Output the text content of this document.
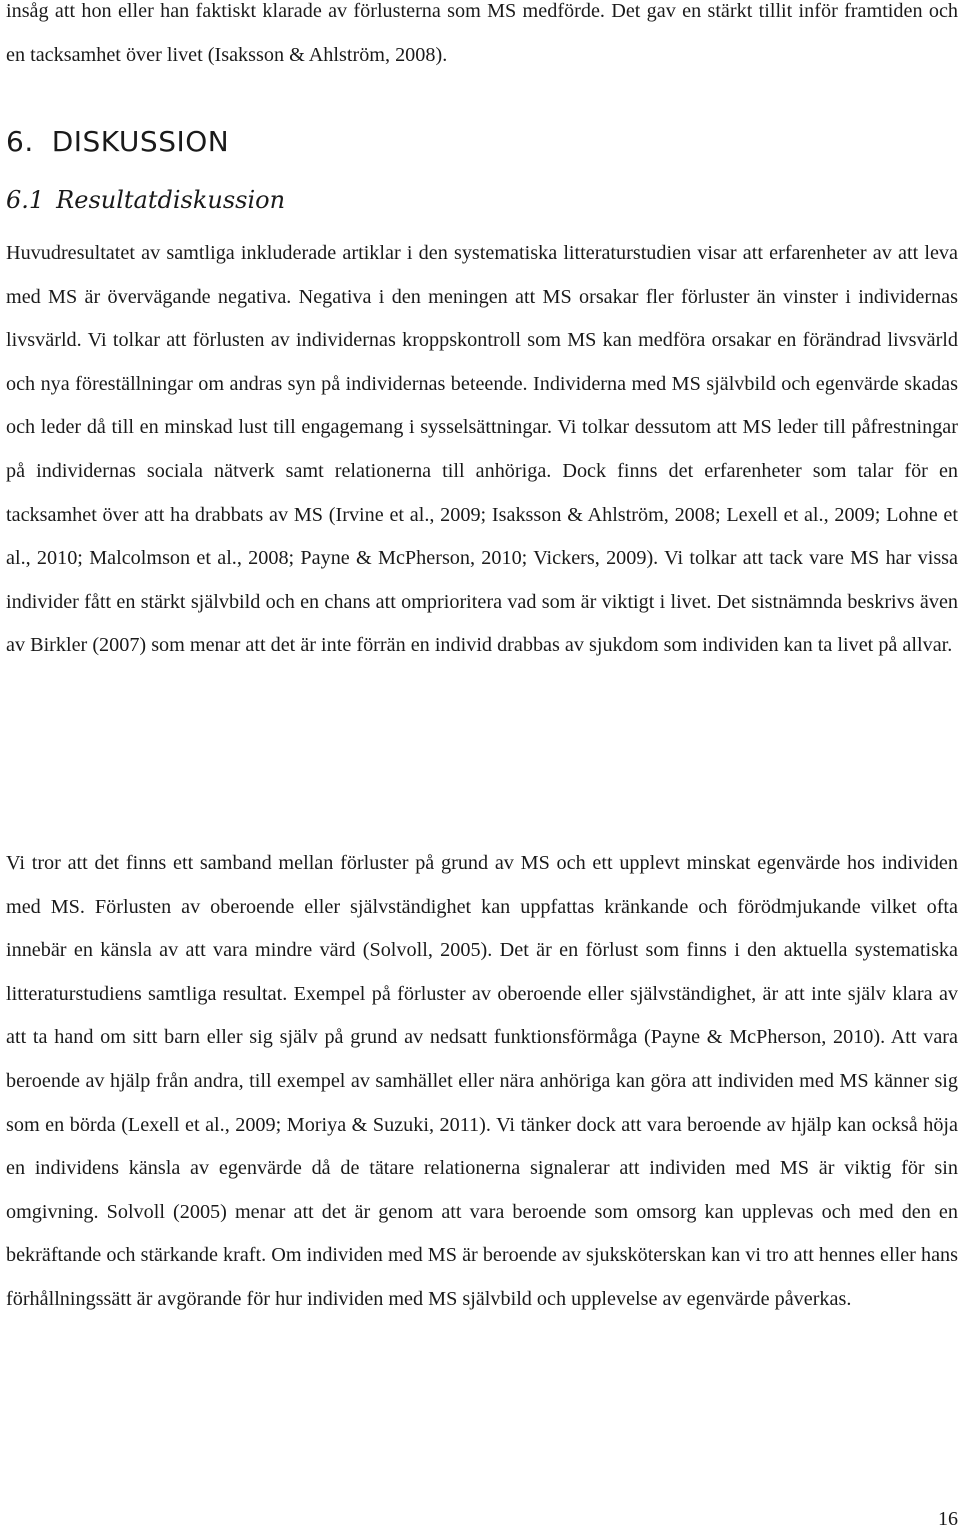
insåg att hon eller han faktiskt klarade av förlusterna som MS medförde. Det gav en stärkt tillit inför framtiden och en tacksamhet över livet (Isaksson & Ahlström, 2008).

6. DISKUSSION
6.1 Resultatdiskussion

Huvudresultatet av samtliga inkluderade artiklar i den systematiska litteraturstudien visar att erfarenheter av att leva med MS är övervägande negativa. Negativa i den meningen att MS orsakar fler förluster än vinster i individernas livsvärld. Vi tolkar att förlusten av individernas kroppskontroll som MS kan medföra orsakar en förändrad livsvärld och nya föreställningar om andras syn på individernas beteende. Individerna med MS självbild och egenvärde skadas och leder då till en minskad lust till engagemang i sysselsättningar. Vi tolkar dessutom att MS leder till påfrestningar på individernas sociala nätverk samt relationerna till anhöriga. Dock finns det erfarenheter som talar för en tacksamhet över att ha drabbats av MS (Irvine et al., 2009; Isaksson & Ahlström, 2008; Lexell et al., 2009; Lohne et al., 2010; Malcolmson et al., 2008; Payne & McPherson, 2010; Vickers, 2009). Vi tolkar att tack vare MS har vissa individer fått en stärkt självbild och en chans att omprioritera vad som är viktigt i livet. Det sistnämnda beskrivs även av Birkler (2007) som menar att det är inte förrän en individ drabbas av sjukdom som individen kan ta livet på allvar.

Vi tror att det finns ett samband mellan förluster på grund av MS och ett upplevt minskat egenvärde hos individen med MS. Förlusten av oberoende eller självständighet kan uppfattas kränkande och förödmjukande vilket ofta innebär en känsla av att vara mindre värd (Solvoll, 2005). Det är en förlust som finns i den aktuella systematiska litteraturstudiens samtliga resultat. Exempel på förluster av oberoende eller självständighet, är att inte själv klara av att ta hand om sitt barn eller sig själv på grund av nedsatt funktionsförmåga (Payne & McPherson, 2010). Att vara beroende av hjälp från andra, till exempel av samhället eller nära anhöriga kan göra att individen med MS känner sig som en börda (Lexell et al., 2009; Moriya & Suzuki, 2011). Vi tänker dock att vara beroende av hjälp kan också höja en individens känsla av egenvärde då de tätare relationerna signalerar att individen med MS är viktig för sin omgivning. Solvoll (2005) menar att det är genom att vara beroende som omsorg kan upplevas och med den en bekräftande och stärkande kraft. Om individen med MS är beroende av sjuksköterskan kan vi tro att hennes eller hans förhållningssätt är avgörande för hur individen med MS självbild och upplevelse av egenvärde påverkas.

16
